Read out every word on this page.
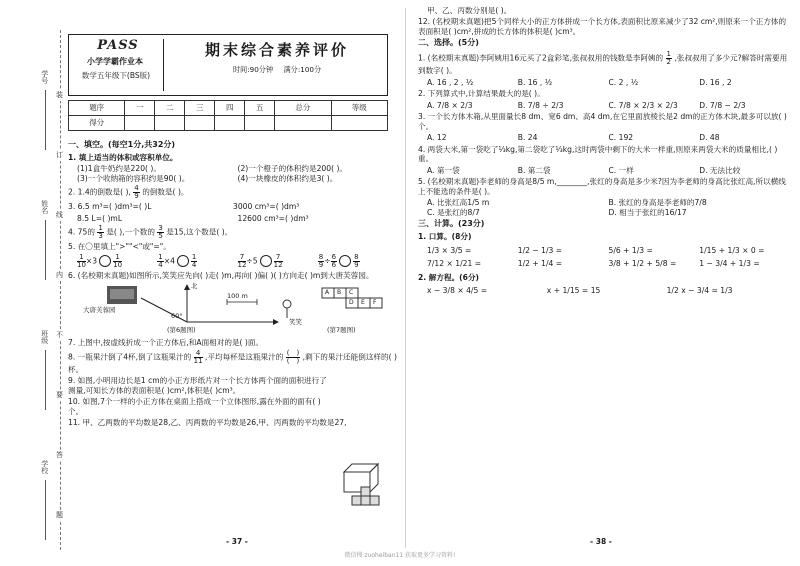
学号
姓名
班级
学校
装
订
线
内
不
要
答
题
PASS
小学学霸作业本
数学五年级下(BS版)
期末综合素养评价
时间:90分钟 满分:100分
题序	一	二	三	四	五	总分	等级
得分							
一、填空。(每空1分,共32分)
1. 填上适当的体积或容积单位。
(1)1盒牛奶约是220( )。	(2)一个橙子的体积约是200( )。
(3)一个收纳箱的容积约是90( )。	(4)一块橡皮的体积约是3( )。
2. 1.4的倒数是( ), $\frac{4}{9}$ 的倒数是( )。
3. 6.5 m³=( )dm³=( )L	3000 cm³=( )dm³
8.5 L=( )mL	12600 cm³=( )dm³
4. 75的 $\frac{1}{3}$ 是( ),一个数的 $\frac{3}{5}$ 是15,这个数是( )。
5. 在〇里填上">""<"或"="。
$\frac{1}{10} \times 3 \frac{1}{10}$	$\frac{1}{4} \times 4 \frac{1}{4}$	$\frac{7}{12} \div 5 \frac{7}{12}$	$\frac{8}{9} \div \frac{6}{6} \frac{8}{9}$
6. (名校期末真题)如图所示,笑笑应先向( )走( )m,再向( )偏( )( )方向走( )m到大唐芙蓉园。
大唐芙蓉园
北
60°
100 m
笑笑
A B C
D E F
(第6题图)	(第7题图)
7. 上图中,按虚线折成一个正方体后,和A面相对的是( )面。
8. 一瓶果汁倒了4杯,倒了这瓶果汁的 $\frac{4}{11}$ ,平均每杯是这瓶果汁的 $\frac{( )}{( )}$ ,剩下的果汁还能倒这样的( )杯。
9. 如图,小明用边长是1 cm的小正方形纸片对一个长方体两个面的面积进行了测量,可知长方体的表面积是( )cm²,体积是( )cm³。
10. 如图,7个一样的小正方体在桌面上搭成一个立体图形,露在外面的面有( )个。
11. 甲、乙两数的平均数是28,乙、丙两数的平均数是26,甲、丙两数的平均数是27,
- 37 -
甲、乙、丙数分别是( )。
12. (名校期末真题)把5个同样大小的正方体拼成一个长方体,表面积比原来减少了32 cm²,则原来一个正方体的表面积是( )cm²,拼成的长方体的体积是( )cm³。
二、选择。(5分)
1. (名校期末真题)李阿姨用16元买了2盒彩笔,张叔叔用的钱数是李阿姨的 $\frac{1}{2}$ ,张叔叔用了多少元?解答时需要用到数字( )。
A. 16 , 2 , ½	B. 16 , ½	C. 2 , ½	D. 16 , 2
2. 下列算式中,计算结果最大的是( )。
A. 7/8 × 2/3	B. 7/8 ÷ 2/3	C. 7/8 × 2/3 × 2/3	D. 7/8 − 2/3
3. 一个长方体木箱,从里面量长8 dm、宽6 dm、高4 dm,在它里面放棱长是2 dm的正方体木块,最多可以放( )个。
A. 12	B. 24	C. 192	D. 48
4. 两袋大米,第一袋吃了⅓kg,第二袋吃了⅓kg,这时两袋中剩下的大米一样重,则原来两袋大米的质量相比,( )重。
A. 第一袋	B. 第二袋	C. 一样	D. 无法比较
5. (名校期末真题)李老师的身高是8/5 m,________,张红的身高是多少米?因为李老师的身高比张红高,所以横线上不能选的条件是( )。
A. 比张红高1/5 m	B. 张红的身高是李老师的7/8
C. 是张红的8/7	D. 相当于张红的16/17
三、计算。(23分)
1. 口算。(8分)
1/3 × 3/5 =	1/2 − 1/3 =	5/6 + 1/3 =	1/15 + 1/3 × 0 =
7/12 × 1/21 =	1/2 + 1/4 =	3/8 + 1/2 + 5/8 =	1 − 3/4 + 1/3 =
2. 解方程。(6分)
x − 3/8 × 4/5 =	x + 1/15 = 15	1/2 x − 3/4 = 1/3
- 38 -
微信搜 zuoheiban11 获取更多学习资料!
